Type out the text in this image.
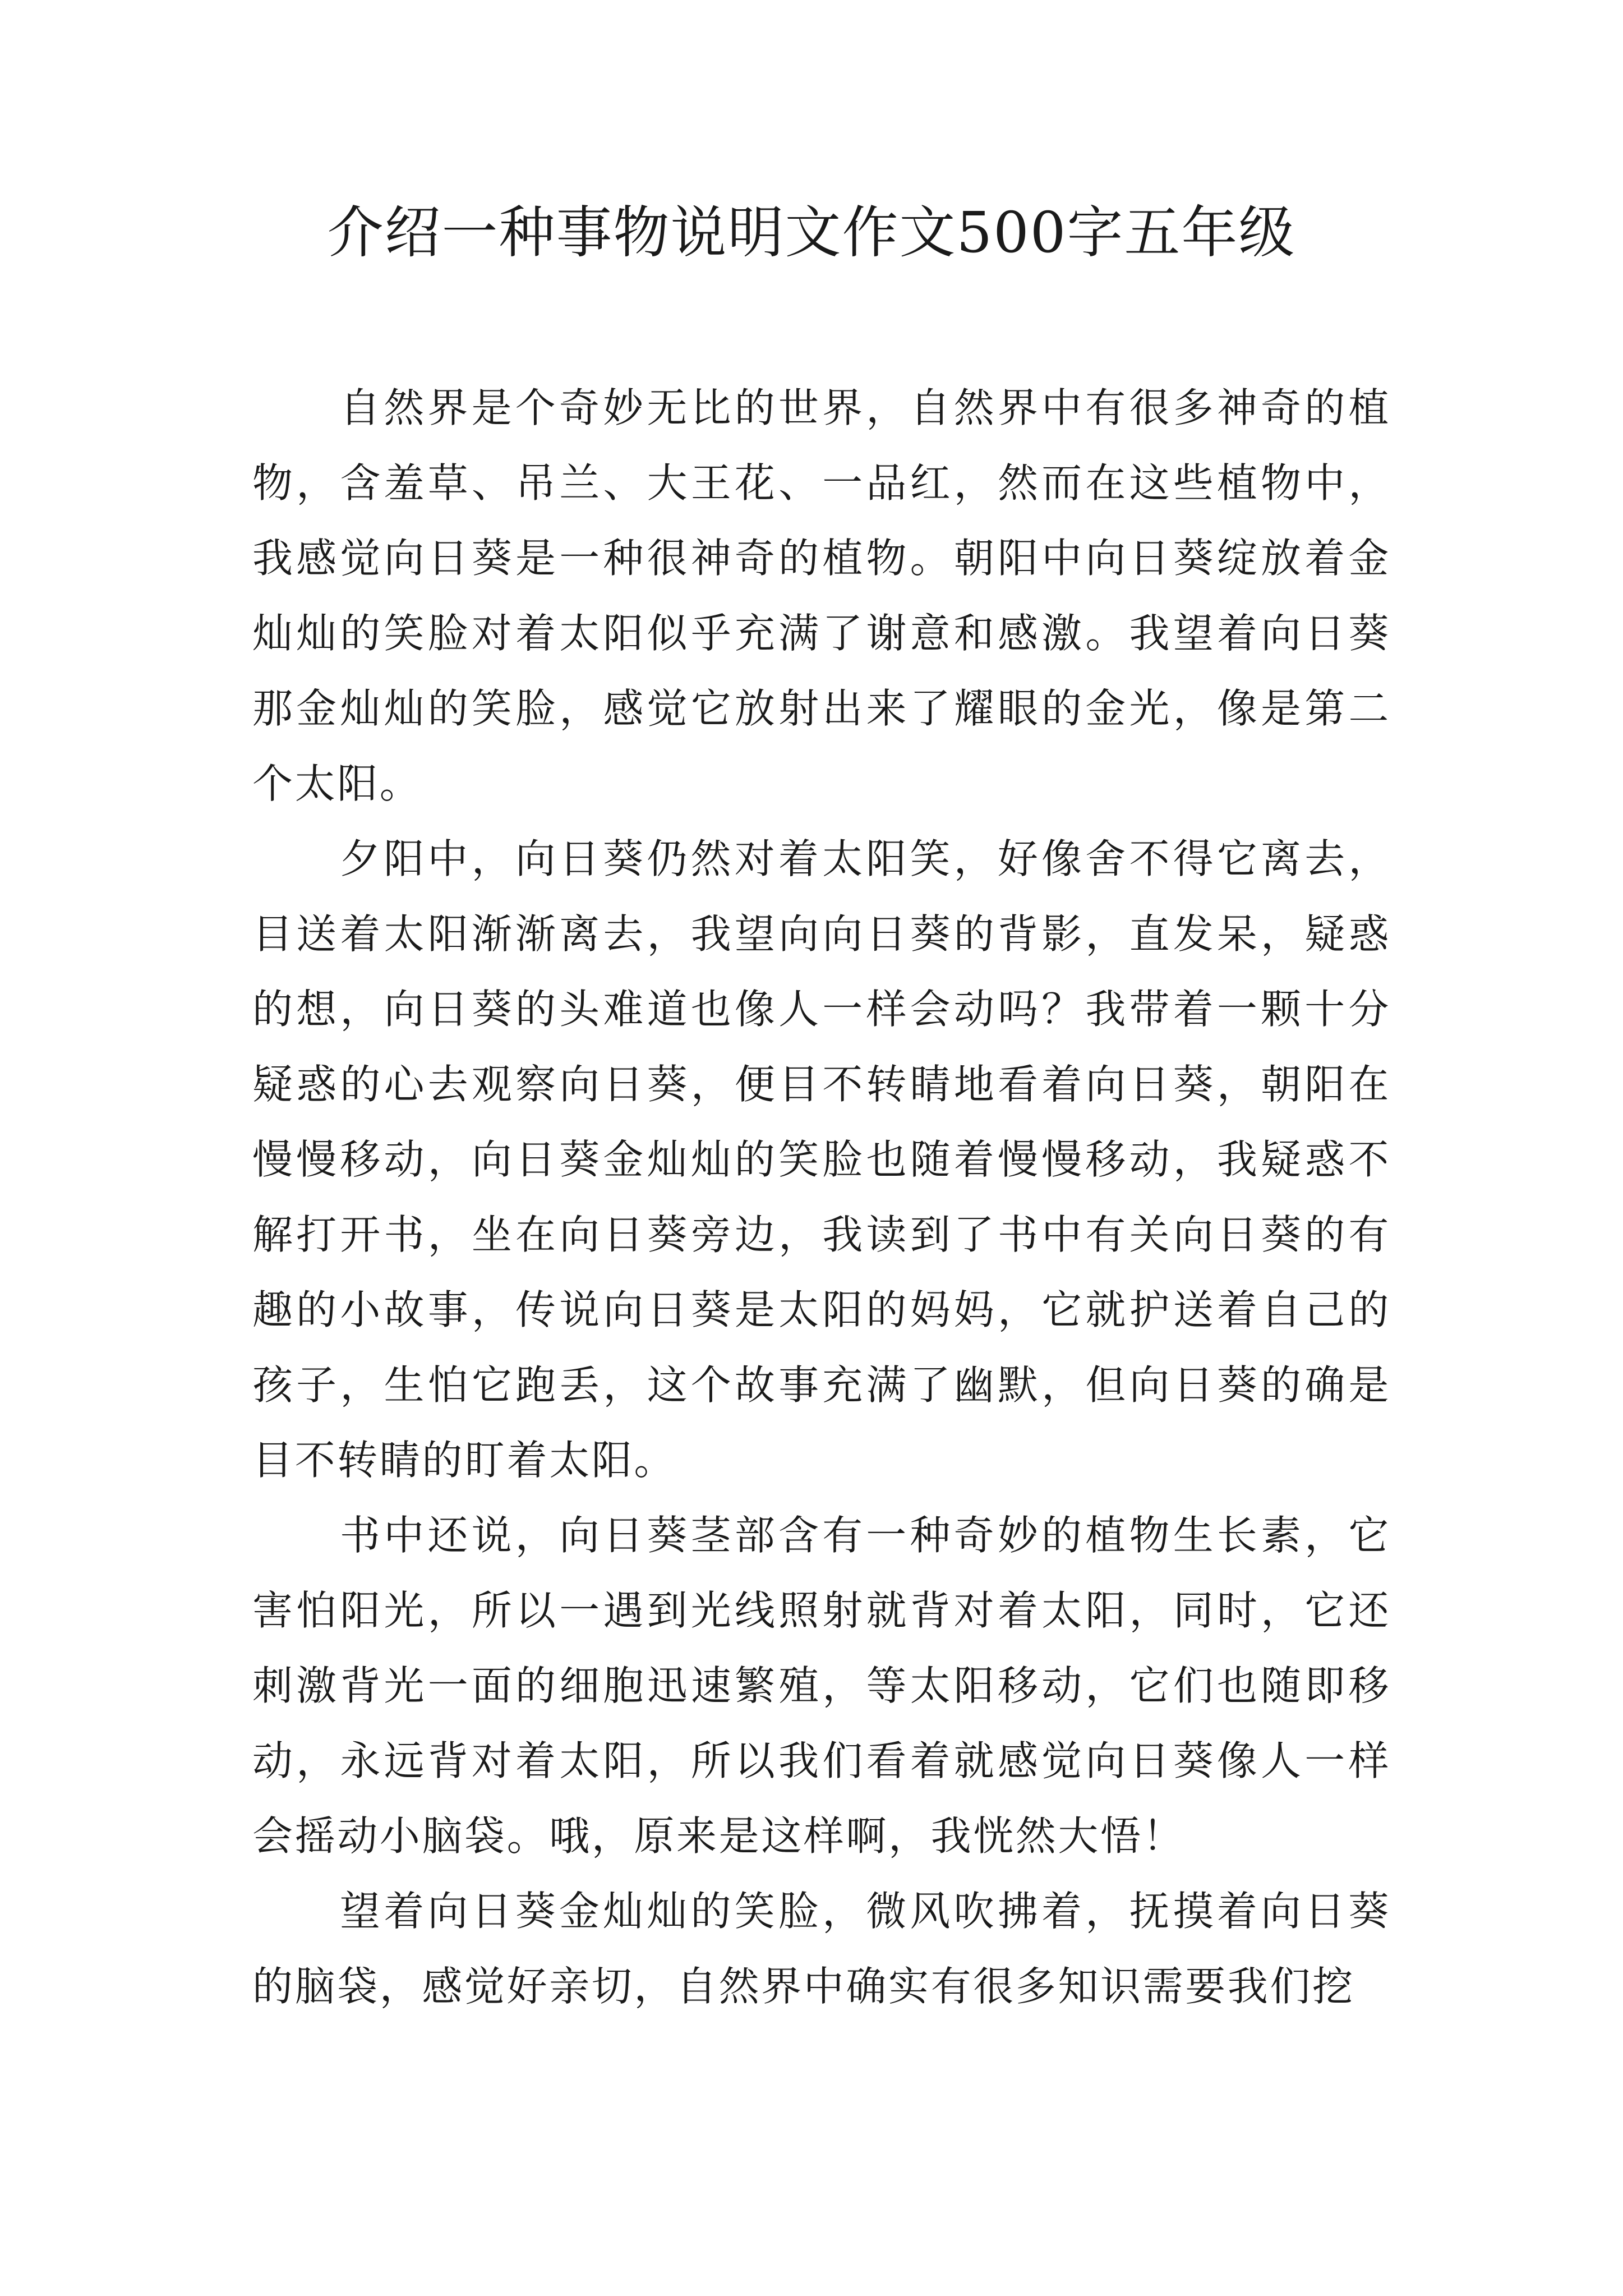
介绍一种事物说明文作文500字五年级

自然界是个奇妙无比的世界，自然界中有很多神奇的植物，含羞草、吊兰、大王花、一品红，然而在这些植物中，我感觉向日葵是一种很神奇的植物。朝阳中向日葵绽放着金灿灿的笑脸对着太阳似乎充满了谢意和感激。我望着向日葵那金灿灿的笑脸，感觉它放射出来了耀眼的金光，像是第二个太阳。

夕阳中，向日葵仍然对着太阳笑，好像舍不得它离去，目送着太阳渐渐离去，我望向向日葵的背影，直发呆，疑惑的想，向日葵的头难道也像人一样会动吗？我带着一颗十分疑惑的心去观察向日葵，便目不转睛地看着向日葵，朝阳在慢慢移动，向日葵金灿灿的笑脸也随着慢慢移动，我疑惑不解打开书，坐在向日葵旁边，我读到了书中有关向日葵的有趣的小故事，传说向日葵是太阳的妈妈，它就护送着自己的孩子，生怕它跑丢，这个故事充满了幽默，但向日葵的确是目不转睛的盯着太阳。

书中还说，向日葵茎部含有一种奇妙的植物生长素，它害怕阳光，所以一遇到光线照射就背对着太阳，同时，它还刺激背光一面的细胞迅速繁殖，等太阳移动，它们也随即移动，永远背对着太阳，所以我们看着就感觉向日葵像人一样会摇动小脑袋。哦，原来是这样啊，我恍然大悟！

望着向日葵金灿灿的笑脸，微风吹拂着，抚摸着向日葵的脑袋，感觉好亲切，自然界中确实有很多知识需要我们挖
